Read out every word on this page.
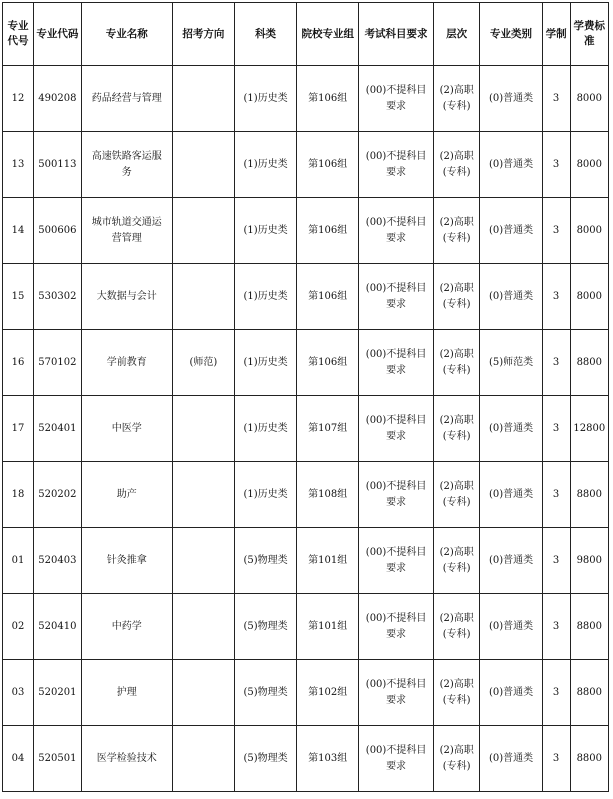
专业代号	专业代码	专业名称	招考方向	科类	院校专业组	考试科目要求	层次	专业类别	学制	学费标准
12	490208	药品经营与管理		(1)历史类	第106组	(00)不提科目要求	(2)高职(专科)	(0)普通类	3	8000
13	500113	高速铁路客运服务		(1)历史类	第106组	(00)不提科目要求	(2)高职(专科)	(0)普通类	3	8000
14	500606	城市轨道交通运营管理		(1)历史类	第106组	(00)不提科目要求	(2)高职(专科)	(0)普通类	3	8000
15	530302	大数据与会计		(1)历史类	第106组	(00)不提科目要求	(2)高职(专科)	(0)普通类	3	8000
16	570102	学前教育	(师范)	(1)历史类	第106组	(00)不提科目要求	(2)高职(专科)	(5)师范类	3	8800
17	520401	中医学		(1)历史类	第107组	(00)不提科目要求	(2)高职(专科)	(0)普通类	3	12800
18	520202	助产		(1)历史类	第108组	(00)不提科目要求	(2)高职(专科)	(0)普通类	3	8800
01	520403	针灸推拿		(5)物理类	第101组	(00)不提科目要求	(2)高职(专科)	(0)普通类	3	9800
02	520410	中药学		(5)物理类	第101组	(00)不提科目要求	(2)高职(专科)	(0)普通类	3	8800
03	520201	护理		(5)物理类	第102组	(00)不提科目要求	(2)高职(专科)	(0)普通类	3	8800
04	520501	医学检验技术		(5)物理类	第103组	(00)不提科目要求	(2)高职(专科)	(0)普通类	3	8800
